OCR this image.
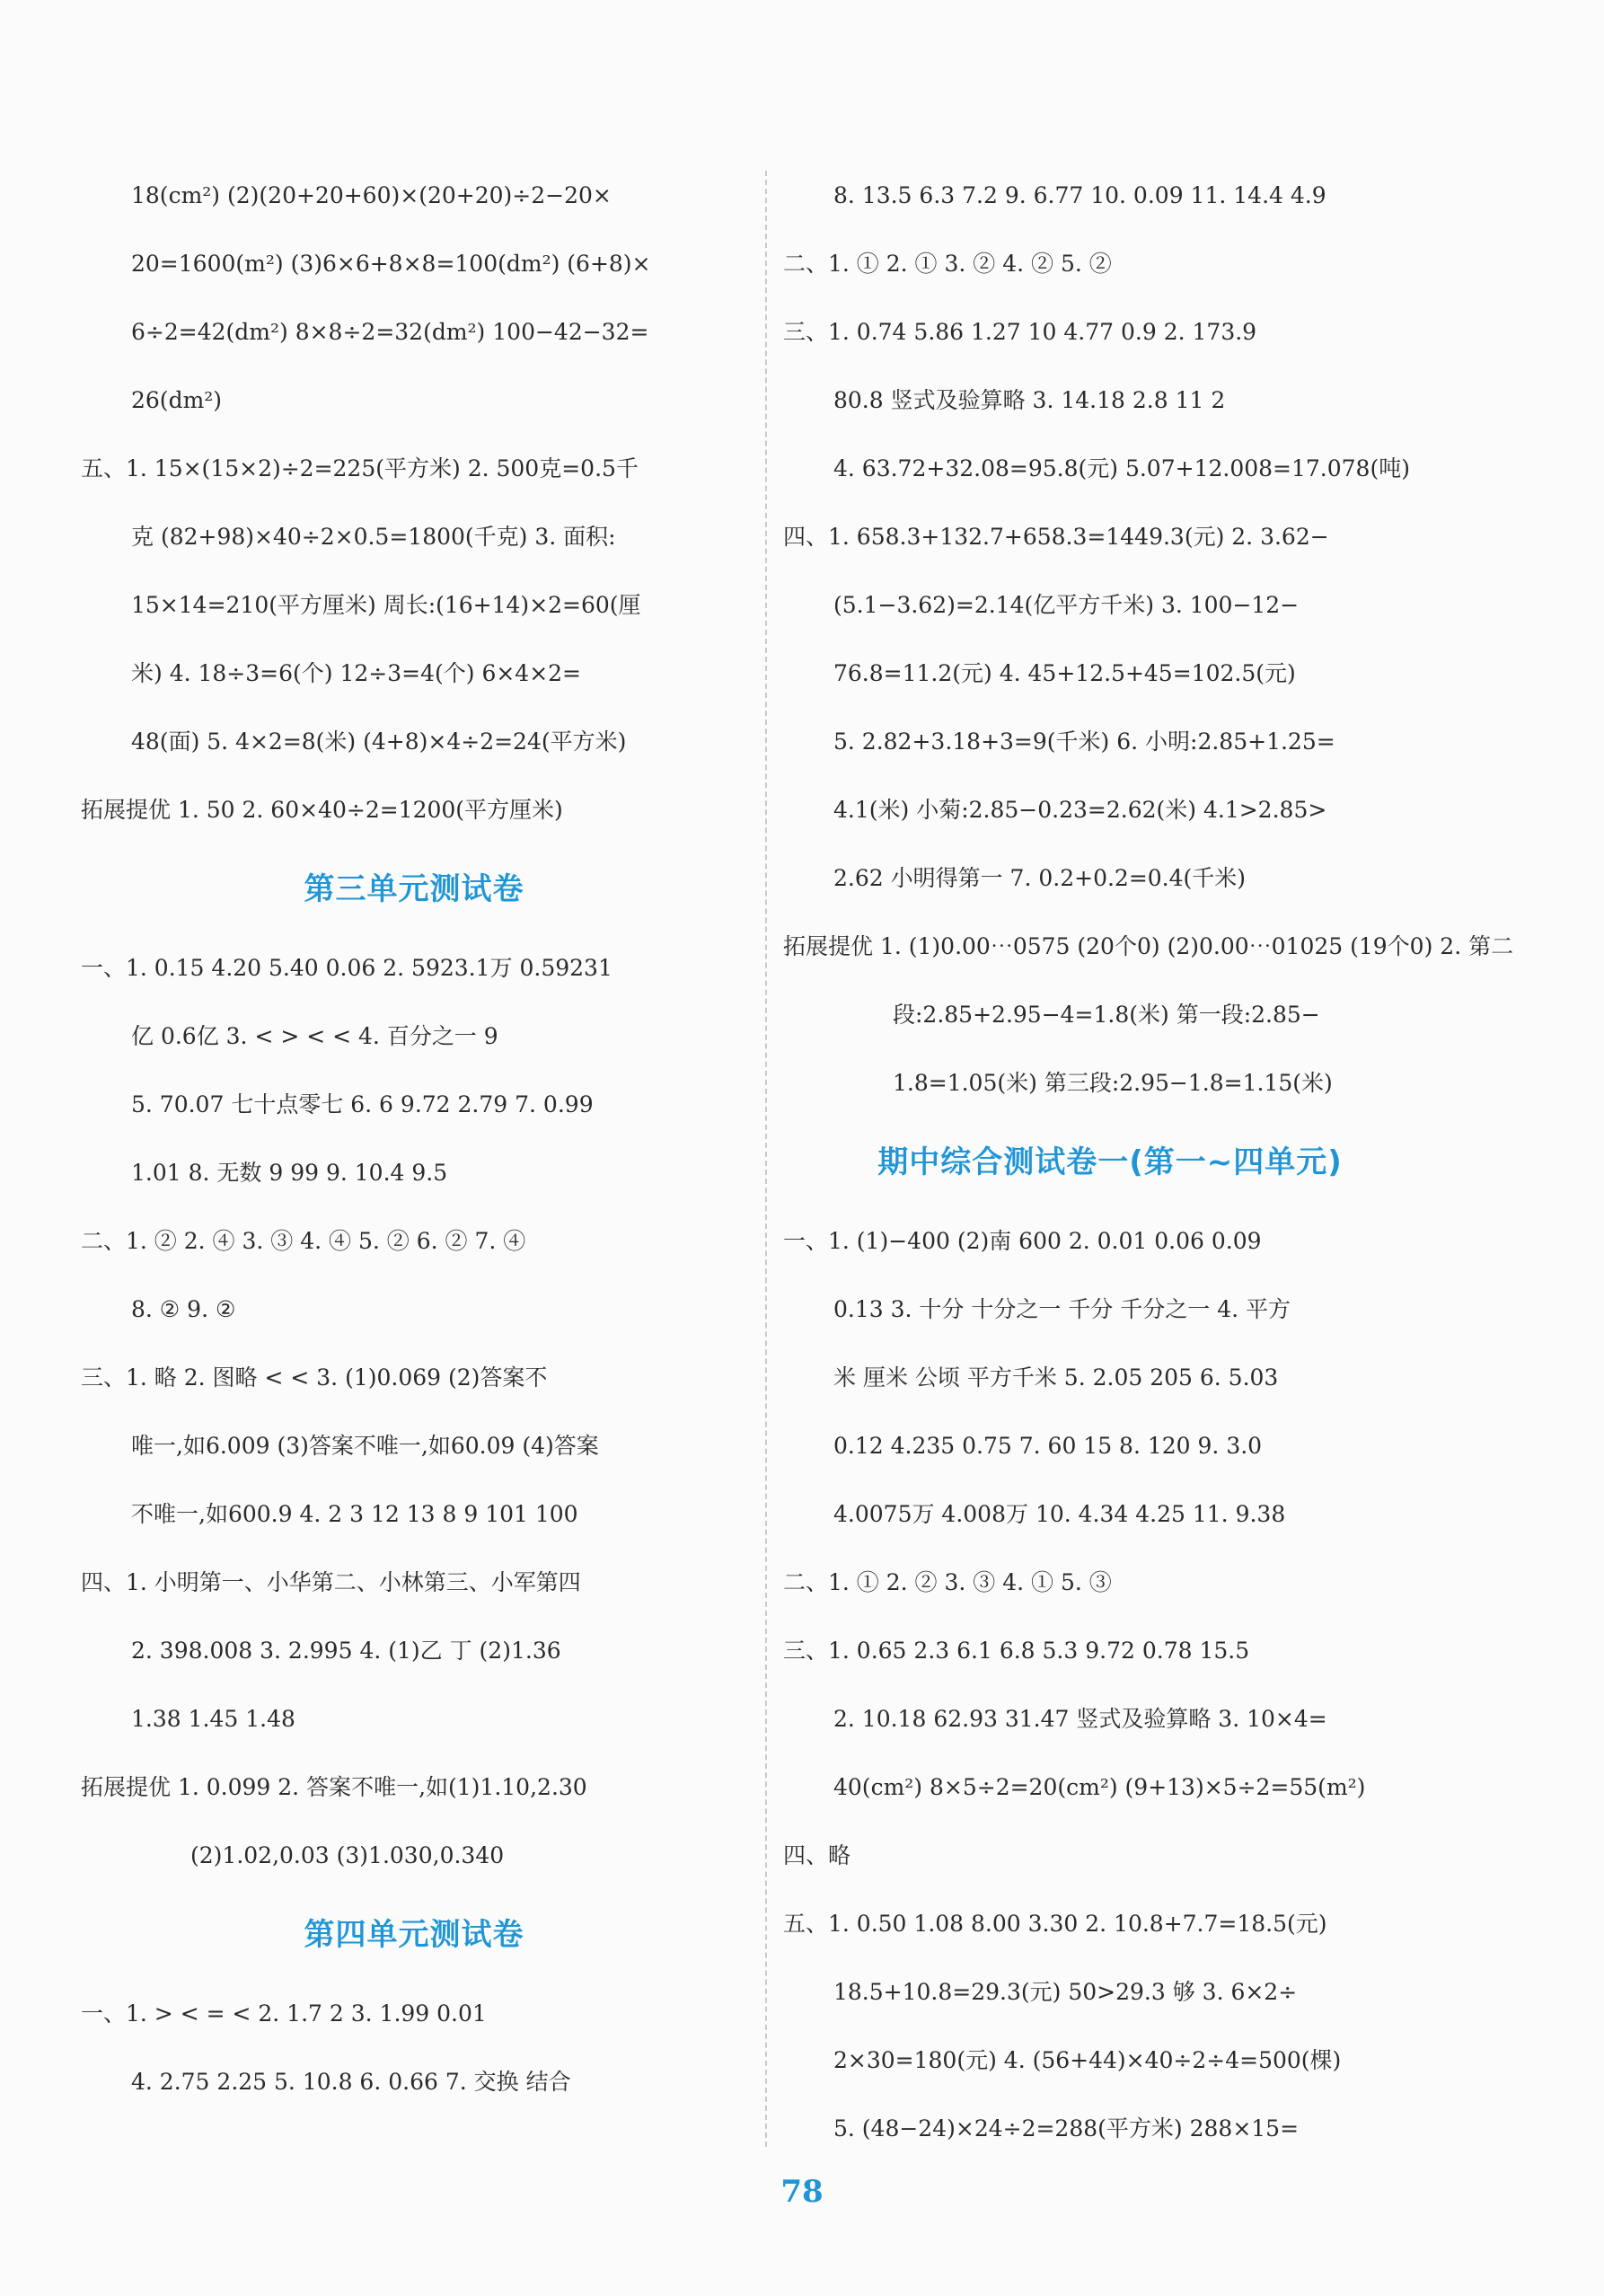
18(cm²) (2)(20+20+60)×(20+20)÷2−20×
20=1600(m²) (3)6×6+8×8=100(dm²) (6+8)×
6÷2=42(dm²) 8×8÷2=32(dm²) 100−42−32=
26(dm²)
五、1. 15×(15×2)÷2=225(平方米) 2. 500克=0.5千
克 (82+98)×40÷2×0.5=1800(千克) 3. 面积:
15×14=210(平方厘米) 周长:(16+14)×2=60(厘
米) 4. 18÷3=6(个) 12÷3=4(个) 6×4×2=
48(面) 5. 4×2=8(米) (4+8)×4÷2=24(平方米)
拓展提优 1. 50 2. 60×40÷2=1200(平方厘米)
第三单元测试卷
一、1. 0.15 4.20 5.40 0.06 2. 5923.1万 0.59231
亿 0.6亿 3. < > < < 4. 百分之一 9
5. 70.07 七十点零七 6. 6 9.72 2.79 7. 0.99
1.01 8. 无数 9 99 9. 10.4 9.5
二、1. ② 2. ④ 3. ③ 4. ④ 5. ② 6. ② 7. ④
8. ② 9. ②
三、1. 略 2. 图略 < < 3. (1)0.069 (2)答案不
唯一,如6.009 (3)答案不唯一,如60.09 (4)答案
不唯一,如600.9 4. 2 3 12 13 8 9 101 100
四、1. 小明第一、小华第二、小林第三、小军第四
2. 398.008 3. 2.995 4. (1)乙 丁 (2)1.36
1.38 1.45 1.48
拓展提优 1. 0.099 2. 答案不唯一,如(1)1.10,2.30
(2)1.02,0.03 (3)1.030,0.340
第四单元测试卷
一、1. > < = < 2. 1.7 2 3. 1.99 0.01
4. 2.75 2.25 5. 10.8 6. 0.66 7. 交换 结合
8. 13.5 6.3 7.2 9. 6.77 10. 0.09 11. 14.4 4.9
二、1. ① 2. ① 3. ② 4. ② 5. ②
三、1. 0.74 5.86 1.27 10 4.77 0.9 2. 173.9
80.8 竖式及验算略 3. 14.18 2.8 11 2
4. 63.72+32.08=95.8(元) 5.07+12.008=17.078(吨)
四、1. 658.3+132.7+658.3=1449.3(元) 2. 3.62−
(5.1−3.62)=2.14(亿平方千米) 3. 100−12−
76.8=11.2(元) 4. 45+12.5+45=102.5(元)
5. 2.82+3.18+3=9(千米) 6. 小明:2.85+1.25=
4.1(米) 小菊:2.85−0.23=2.62(米) 4.1>2.85>
2.62 小明得第一 7. 0.2+0.2=0.4(千米)
拓展提优 1. (1)0.00⋯0575 (20个0) (2)0.00⋯01025 (19个0) 2. 第二
段:2.85+2.95−4=1.8(米) 第一段:2.85−
1.8=1.05(米) 第三段:2.95−1.8=1.15(米)
期中综合测试卷一(第一~四单元)
一、1. (1)−400 (2)南 600 2. 0.01 0.06 0.09
0.13 3. 十分 十分之一 千分 千分之一 4. 平方
米 厘米 公顷 平方千米 5. 2.05 205 6. 5.03
0.12 4.235 0.75 7. 60 15 8. 120 9. 3.0
4.0075万 4.008万 10. 4.34 4.25 11. 9.38
二、1. ① 2. ② 3. ③ 4. ① 5. ③
三、1. 0.65 2.3 6.1 6.8 5.3 9.72 0.78 15.5
2. 10.18 62.93 31.47 竖式及验算略 3. 10×4=
40(cm²) 8×5÷2=20(cm²) (9+13)×5÷2=55(m²)
四、略
五、1. 0.50 1.08 8.00 3.30 2. 10.8+7.7=18.5(元)
18.5+10.8=29.3(元) 50>29.3 够 3. 6×2÷
2×30=180(元) 4. (56+44)×40÷2÷4=500(棵)
5. (48−24)×24÷2=288(平方米) 288×15=
78
